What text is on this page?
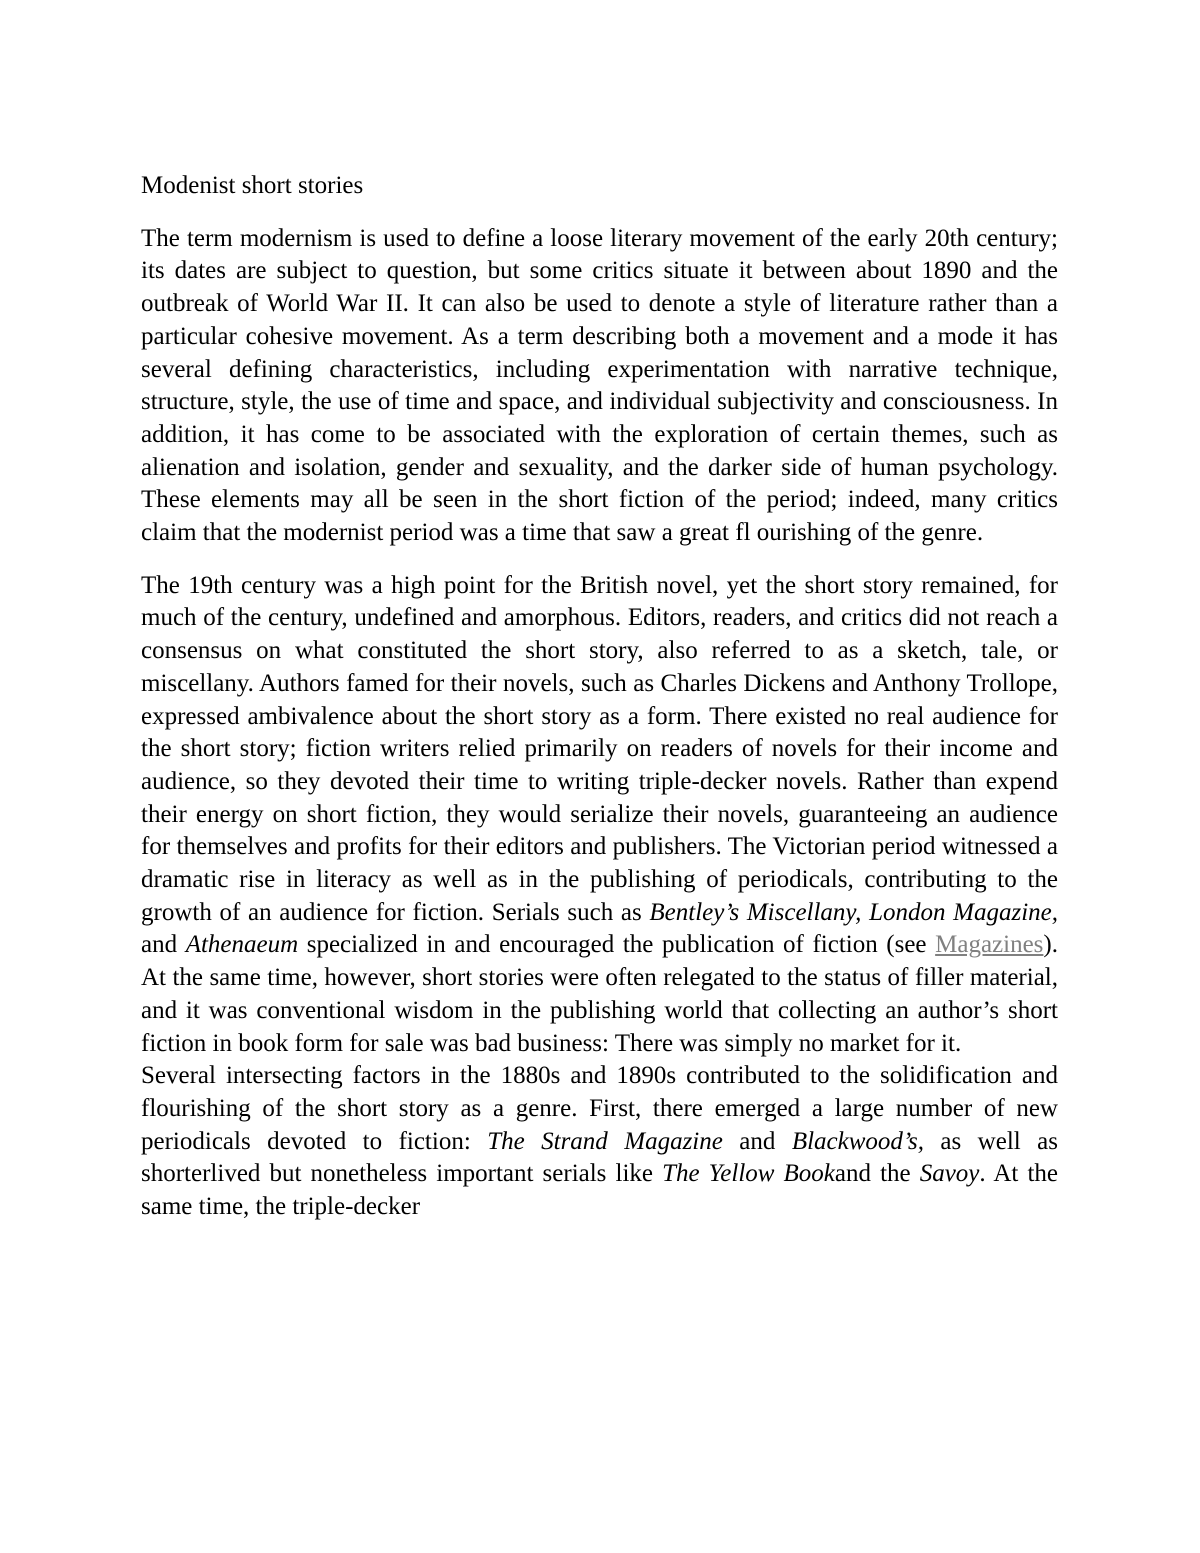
Modenist short stories

The term modernism is used to define a loose literary movement of the early 20th century; its dates are subject to question, but some critics situate it between about 1890 and the outbreak of World War II. It can also be used to denote a style of literature rather than a particular cohesive movement. As a term describing both a movement and a mode it has several defining characteristics, including experimentation with narrative technique, structure, style, the use of time and space, and individual subjectivity and consciousness. In addition, it has come to be associated with the exploration of certain themes, such as alienation and isolation, gender and sexuality, and the darker side of human psychology. These elements may all be seen in the short fiction of the period; indeed, many critics claim that the modernist period was a time that saw a great fl ourishing of the genre.

The 19th century was a high point for the British novel, yet the short story remained, for much of the century, undefined and amorphous. Editors, readers, and critics did not reach a consensus on what constituted the short story, also referred to as a sketch, tale, or miscellany. Authors famed for their novels, such as Charles Dickens and Anthony Trollope, expressed ambivalence about the short story as a form. There existed no real audience for the short story; fiction writers relied primarily on readers of novels for their income and audience, so they devoted their time to writing triple-decker novels. Rather than expend their energy on short fiction, they would serialize their novels, guaranteeing an audience for themselves and profits for their editors and publishers. The Victorian period witnessed a dramatic rise in literacy as well as in the publishing of periodicals, contributing to the growth of an audience for fiction. Serials such as Bentley’s Miscellany, London Magazine, and Athenaeum specialized in and encouraged the publication of fiction (see Magazines). At the same time, however, short stories were often relegated to the status of filler material, and it was conventional wisdom in the publishing world that collecting an author’s short fiction in book form for sale was bad business: There was simply no market for it.

Several intersecting factors in the 1880s and 1890s contributed to the solidification and flourishing of the short story as a genre. First, there emerged a large number of new periodicals devoted to fiction: The Strand Magazine and Blackwood’s, as well as shorterlived but nonetheless important serials like The Yellow Bookand the Savoy. At the same time, the triple-decker
